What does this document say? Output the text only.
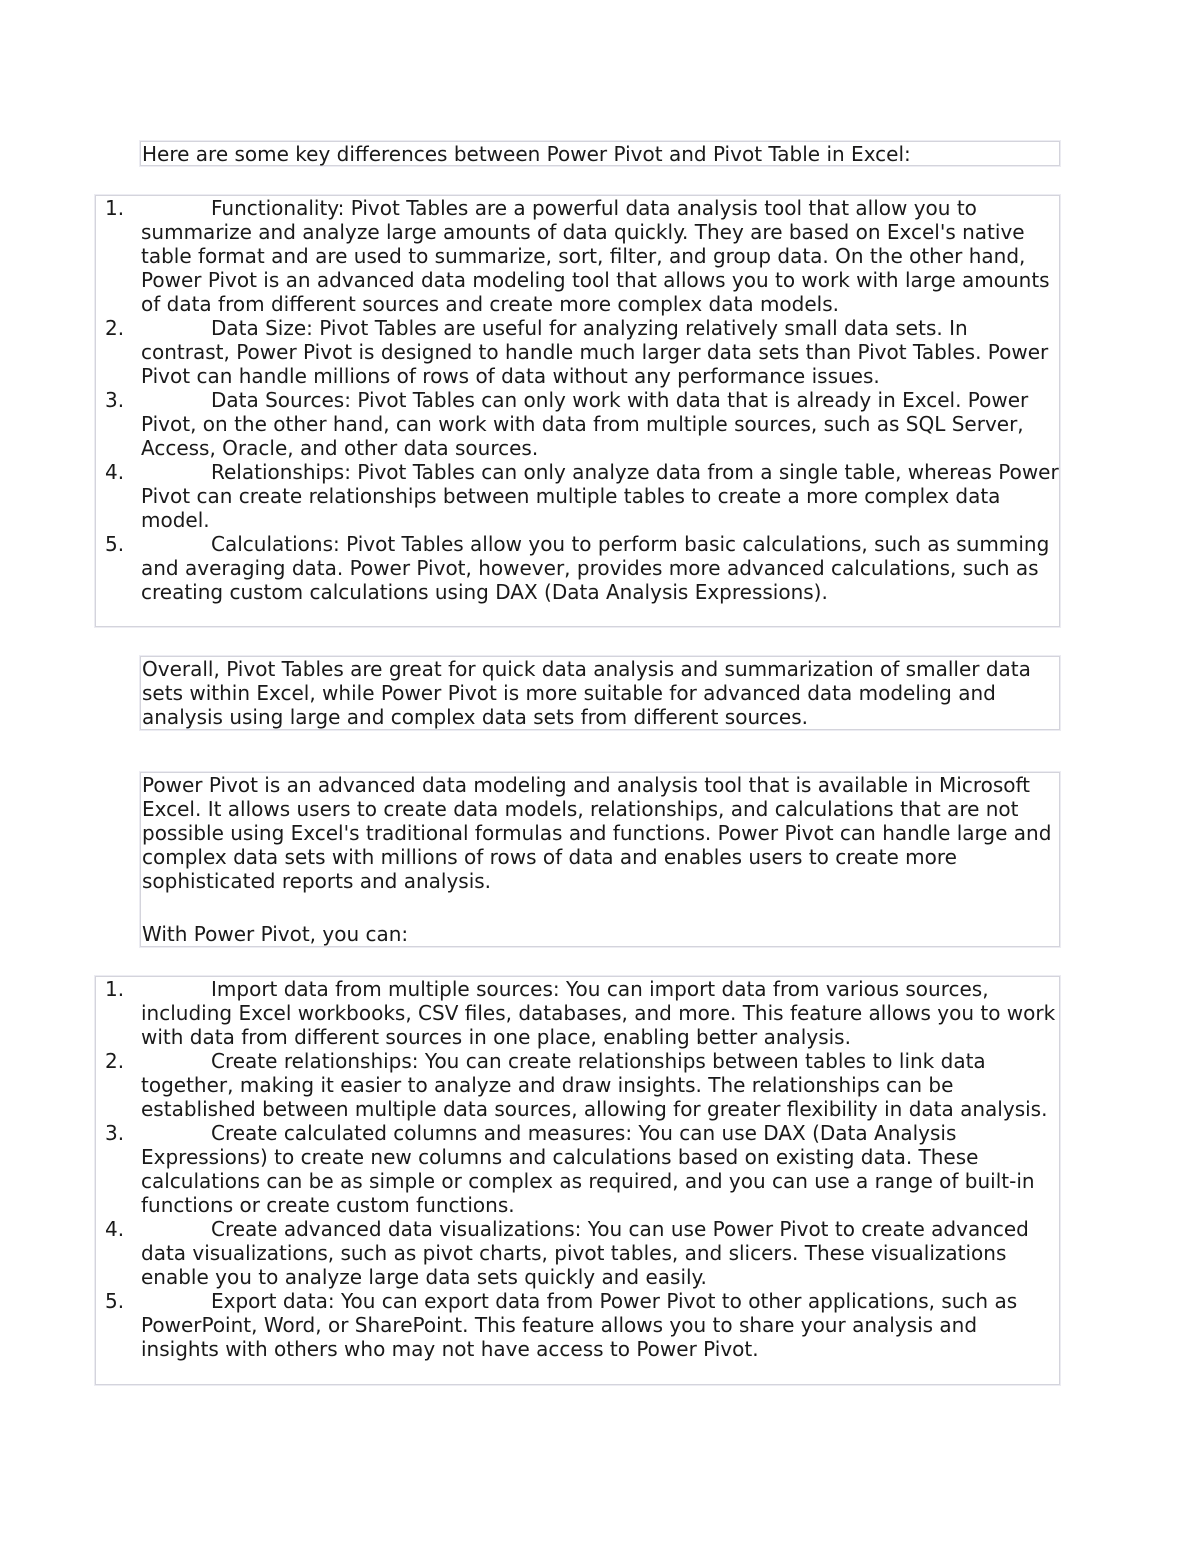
Here are some key differences between Power Pivot and Pivot Table in Excel:

1.	Functionality: Pivot Tables are a powerful data analysis tool that allow you to summarize and analyze large amounts of data quickly. They are based on Excel's native table format and are used to summarize, sort, filter, and group data. On the other hand, Power Pivot is an advanced data modeling tool that allows you to work with large amounts of data from different sources and create more complex data models.
2.	Data Size: Pivot Tables are useful for analyzing relatively small data sets. In contrast, Power Pivot is designed to handle much larger data sets than Pivot Tables. Power Pivot can handle millions of rows of data without any performance issues.
3.	Data Sources: Pivot Tables can only work with data that is already in Excel. Power Pivot, on the other hand, can work with data from multiple sources, such as SQL Server, Access, Oracle, and other data sources.
4.	Relationships: Pivot Tables can only analyze data from a single table, whereas Power Pivot can create relationships between multiple tables to create a more complex data model.
5.	Calculations: Pivot Tables allow you to perform basic calculations, such as summing and averaging data. Power Pivot, however, provides more advanced calculations, such as creating custom calculations using DAX (Data Analysis Expressions).

Overall, Pivot Tables are great for quick data analysis and summarization of smaller data sets within Excel, while Power Pivot is more suitable for advanced data modeling and analysis using large and complex data sets from different sources.

Power Pivot is an advanced data modeling and analysis tool that is available in Microsoft Excel. It allows users to create data models, relationships, and calculations that are not possible using Excel's traditional formulas and functions. Power Pivot can handle large and complex data sets with millions of rows of data and enables users to create more sophisticated reports and analysis.

With Power Pivot, you can:

1.	Import data from multiple sources: You can import data from various sources, including Excel workbooks, CSV files, databases, and more. This feature allows you to work with data from different sources in one place, enabling better analysis.
2.	Create relationships: You can create relationships between tables to link data together, making it easier to analyze and draw insights. The relationships can be established between multiple data sources, allowing for greater flexibility in data analysis.
3.	Create calculated columns and measures: You can use DAX (Data Analysis Expressions) to create new columns and calculations based on existing data. These calculations can be as simple or complex as required, and you can use a range of built-in functions or create custom functions.
4.	Create advanced data visualizations: You can use Power Pivot to create advanced data visualizations, such as pivot charts, pivot tables, and slicers. These visualizations enable you to analyze large data sets quickly and easily.
5.	Export data: You can export data from Power Pivot to other applications, such as PowerPoint, Word, or SharePoint. This feature allows you to share your analysis and insights with others who may not have access to Power Pivot.
